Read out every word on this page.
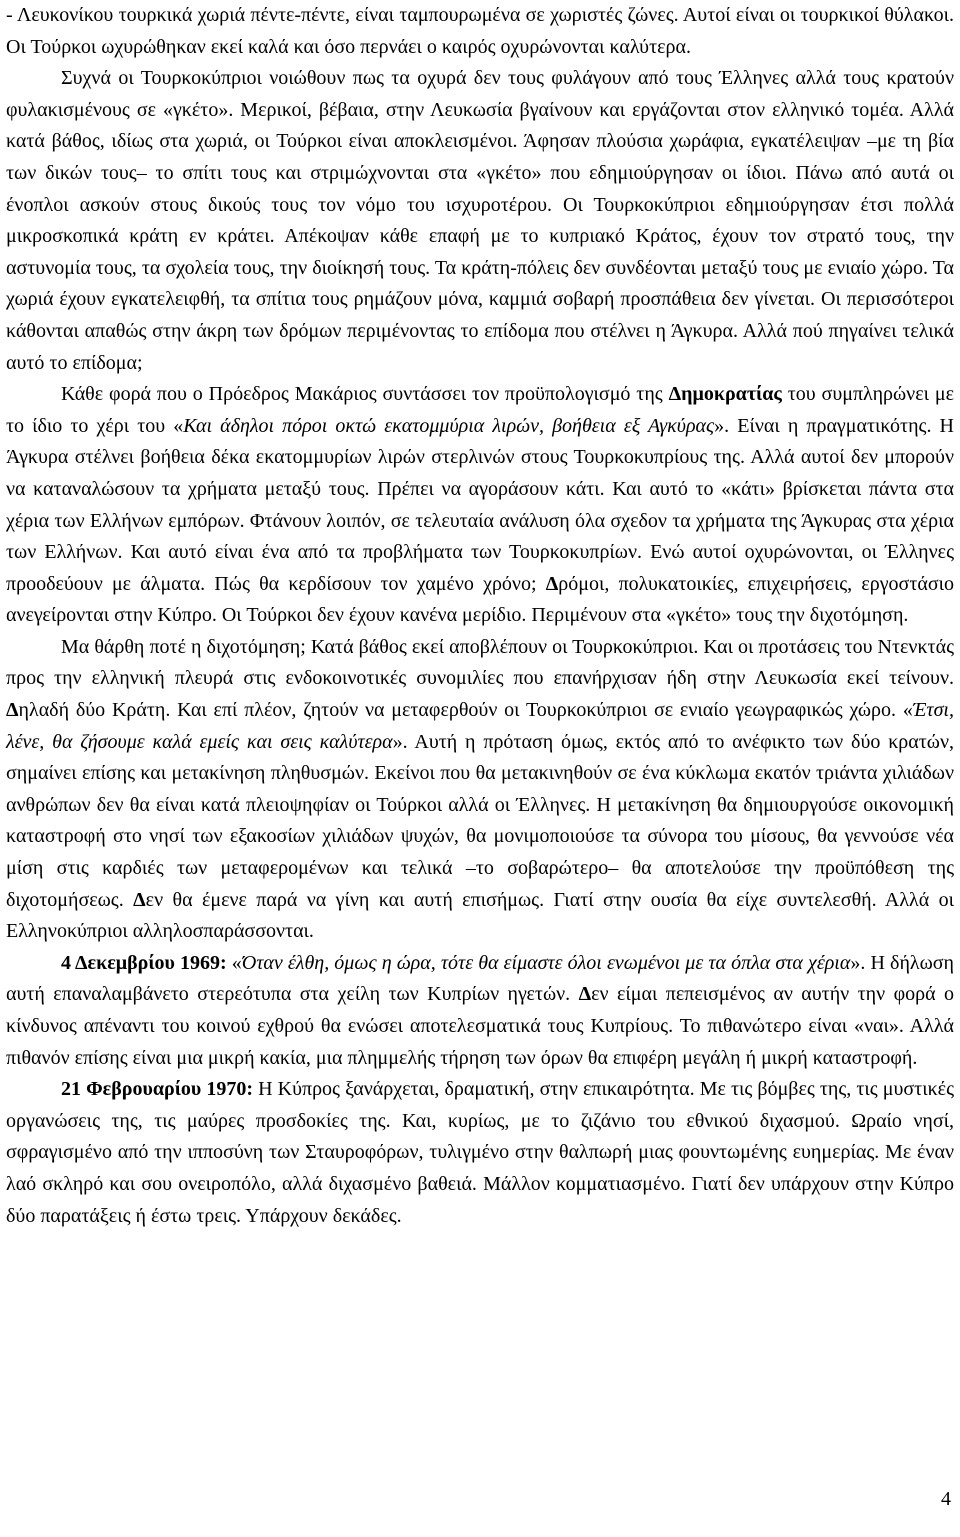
- Λευκονίκου τουρκικά χωριά πέντε-πέντε, είναι ταμπουρωμένα σε χωριστές ζώνες. Αυτοί είναι οι τουρκικοί θύλακοι. Οι Τούρκοι ωχυρώθηκαν εκεί καλά και όσο περνάει ο καιρός οχυρώνονται καλύτερα.

Συχνά οι Τουρκοκύπριοι νοιώθουν πως τα οχυρά δεν τους φυλάγουν από τους Έλληνες αλλά τους κρατούν φυλακισμένους σε «γκέτο». Μερικοί, βέβαια, στην Λευκωσία βγαίνουν και εργάζονται στον ελληνικό τομέα. Αλλά κατά βάθος, ιδίως στα χωριά, οι Τούρκοι είναι αποκλεισμένοι. Άφησαν πλούσια χωράφια, εγκατέλειψαν –με τη βία των δικών τους– το σπίτι τους και στριμώχνονται στα «γκέτο» που εδημιούργησαν οι ίδιοι. Πάνω από αυτά οι ένοπλοι ασκούν στους δικούς τους τον νόμο του ισχυροτέρου. Οι Τουρκοκύπριοι εδημιούργησαν έτσι πολλά μικροσκοπικά κράτη εν κράτει. Απέκοψαν κάθε επαφή με το κυπριακό Κράτος, έχουν τον στρατό τους, την αστυνομία τους, τα σχολεία τους, την διοίκησή τους. Τα κράτη-πόλεις δεν συνδέονται μεταξύ τους με ενιαίο χώρο. Τα χωριά έχουν εγκατελειφθή, τα σπίτια τους ρημάζουν μόνα, καμμιά σοβαρή προσπάθεια δεν γίνεται. Οι περισσότεροι κάθονται απαθώς στην άκρη των δρόμων περιμένοντας το επίδομα που στέλνει η Άγκυρα. Αλλά πού πηγαίνει τελικά αυτό το επίδομα;

Κάθε φορά που ο Πρόεδρος Μακάριος συντάσσει τον προϋπολογισμό της Δημοκρατίας του συμπληρώνει με το ίδιο το χέρι του «Και άδηλοι πόροι οκτώ εκατομμύρια λιρών, βοήθεια εξ Αγκύρας». Είναι η πραγματικότης. Η Άγκυρα στέλνει βοήθεια δέκα εκατομμυρίων λιρών στερλινών στους Τουρκοκυπρίους της. Αλλά αυτοί δεν μπορούν να καταναλώσουν τα χρήματα μεταξύ τους. Πρέπει να αγοράσουν κάτι. Και αυτό το «κάτι» βρίσκεται πάντα στα χέρια των Ελλήνων εμπόρων. Φτάνουν λοιπόν, σε τελευταία ανάλυση όλα σχεδον τα χρήματα της Άγκυρας στα χέρια των Ελλήνων. Και αυτό είναι ένα από τα προβλήματα των Τουρκοκυπρίων. Ενώ αυτοί οχυρώνονται, οι Έλληνες προοδεύουν με άλματα. Πώς θα κερδίσουν τον χαμένο χρόνο; Δρόμοι, πολυκατοικίες, επιχειρήσεις, εργοστάσιο ανεγείρονται στην Κύπρο. Οι Τούρκοι δεν έχουν κανένα μερίδιο. Περιμένουν στα «γκέτο» τους την διχοτόμηση.

Μα θάρθη ποτέ η διχοτόμηση; Κατά βάθος εκεί αποβλέπουν οι Τουρκοκύπριοι. Και οι προτάσεις του Ντενκτάς προς την ελληνική πλευρά στις ενδοκοινοτικές συνομιλίες που επανήρχισαν ήδη στην Λευκωσία εκεί τείνουν. Δηλαδή δύο Κράτη. Και επί πλέον, ζητούν να μεταφερθούν οι Τουρκοκύπριοι σε ενιαίο γεωγραφικώς χώρο. «Έτσι, λένε, θα ζήσουμε καλά εμείς και σεις καλύτερα». Αυτή η πρόταση όμως, εκτός από το ανέφικτο των δύο κρατών, σημαίνει επίσης και μετακίνηση πληθυσμών. Εκείνοι που θα μετακινηθούν σε ένα κύκλωμα εκατόν τριάντα χιλιάδων ανθρώπων δεν θα είναι κατά πλειοψηφίαν οι Τούρκοι αλλά οι Έλληνες. Η μετακίνηση θα δημιουργούσε οικονομική καταστροφή στο νησί των εξακοσίων χιλιάδων ψυχών, θα μονιμοποιούσε τα σύνορα του μίσους, θα γεννούσε νέα μίση στις καρδιές των μεταφερομένων και τελικά –το σοβαρώτερο– θα αποτελούσε την προϋπόθεση της διχοτομήσεως. Δεν θα έμενε παρά να γίνη και αυτή επισήμως. Γιατί στην ουσία θα είχε συντελεσθή. Αλλά οι Ελληνοκύπριοι αλληλοσπαράσσονται.

4 Δεκεμβρίου 1969: «Όταν έλθη, όμως η ώρα, τότε θα είμαστε όλοι ενωμένοι με τα όπλα στα χέρια». Η δήλωση αυτή επαναλαμβάνετο στερεότυπα στα χείλη των Κυπρίων ηγετών. Δεν είμαι πεπεισμένος αν αυτήν την φορά ο κίνδυνος απέναντι του κοινού εχθρού θα ενώσει αποτελεσματικά τους Κυπρίους. Το πιθανώτερο είναι «ναι». Αλλά πιθανόν επίσης είναι μια μικρή κακία, μια πλημμελής τήρηση των όρων θα επιφέρη μεγάλη ή μικρή καταστροφή.

21 Φεβρουαρίου 1970: Η Κύπρος ξανάρχεται, δραματική, στην επικαιρότητα. Με τις βόμβες της, τις μυστικές οργανώσεις της, τις μαύρες προσδοκίες της. Και, κυρίως, με το ζιζάνιο του εθνικού διχασμού. Ωραίο νησί, σφραγισμένο από την ιπποσύνη των Σταυροφόρων, τυλιγμένο στην θαλπωρή μιας φουντωμένης ευημερίας. Με έναν λαό σκληρό και σου ονειροπόλο, αλλά διχασμένο βαθειά. Μάλλον κομματιασμένο. Γιατί δεν υπάρχουν στην Κύπρο δύο παρατάξεις ή έστω τρεις. Υπάρχουν δεκάδες.

4
